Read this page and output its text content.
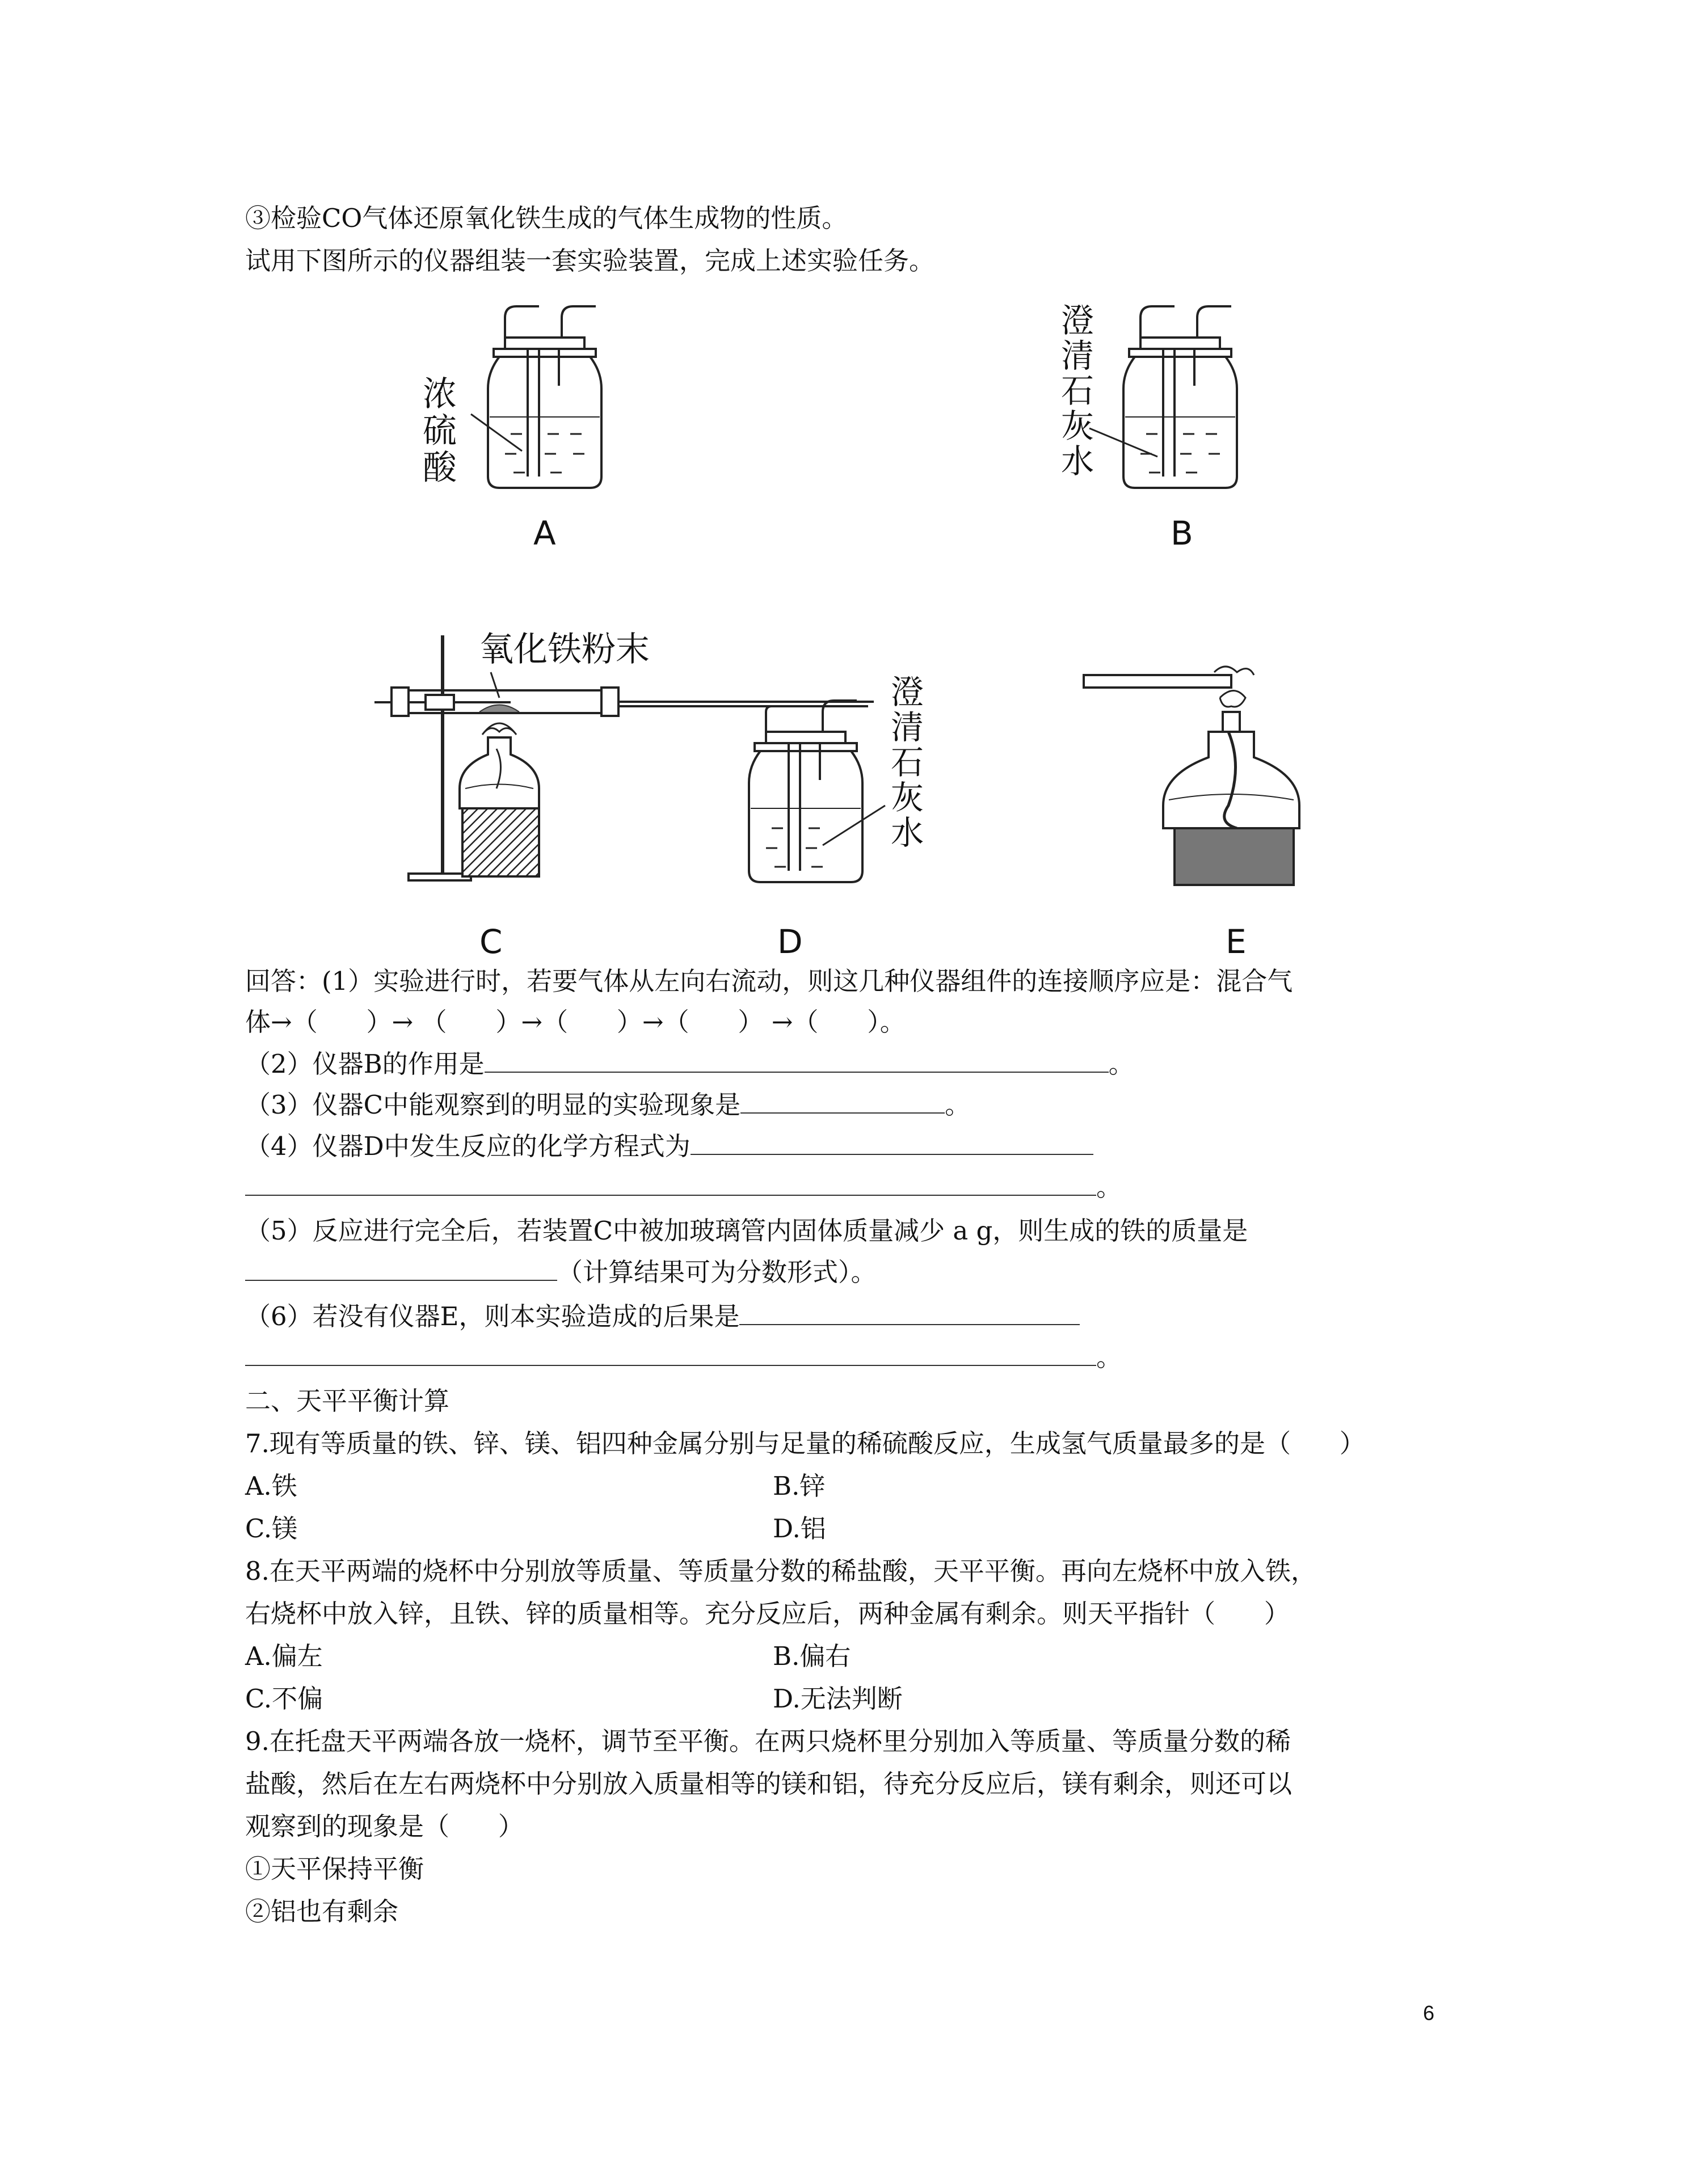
③检验CO气体还原氧化铁生成的气体生成物的性质。
试用下图所示的仪器组装一套实验装置，完成上述实验任务。
浓
硫
酸
A
澄
清
石
灰
水
B
氧化铁粉末
C
澄
清
石
灰
水
D	E
回答：(1）实验进行时，若要气体从左向右流动，则这几种仪器组件的连接顺序应是：混合气
体→（      ）→ （      ）→（      ）→（      ） →（      ）。
（2）仪器B的作用是	。
（3）仪器C中能观察到的明显的实验现象是	。
（4）仪器D中发生反应的化学方程式为
。
（5）反应进行完全后，若装置C中被加玻璃管内固体质量减少 a g，则生成的铁的质量是
（计算结果可为分数形式）。
（6）若没有仪器E，则本实验造成的后果是
。
二、天平平衡计算
7.现有等质量的铁、锌、镁、铝四种金属分别与足量的稀硫酸反应，生成氢气质量最多的是（      ）
A.铁	B.锌
C.镁	D.铝
8.在天平两端的烧杯中分别放等质量、等质量分数的稀盐酸，天平平衡。再向左烧杯中放入铁，
右烧杯中放入锌，且铁、锌的质量相等。充分反应后，两种金属有剩余。则天平指针（      ）
A.偏左	B.偏右
C.不偏	D.无法判断
9.在托盘天平两端各放一烧杯，调节至平衡。在两只烧杯里分别加入等质量、等质量分数的稀
盐酸，然后在左右两烧杯中分别放入质量相等的镁和铝，待充分反应后，镁有剩余，则还可以
观察到的现象是（      ）
①天平保持平衡
②铝也有剩余
6
